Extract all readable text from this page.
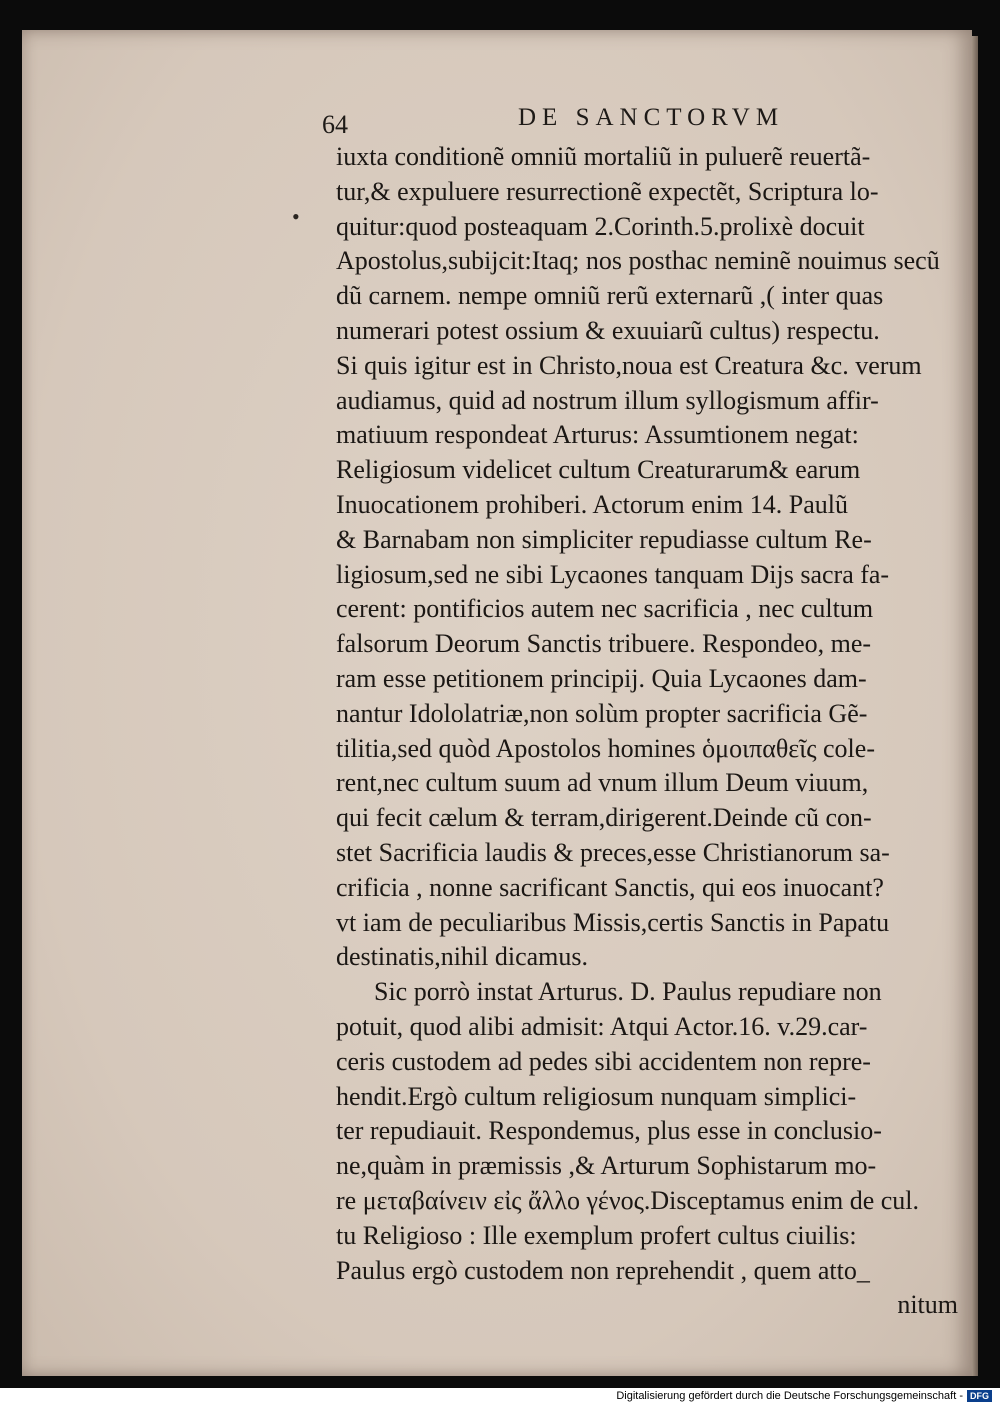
•
64	DE SANCTORVM
iuxta conditionẽ omniũ mortaliũ in puluerẽ reuertã-
tur,& expuluere resurrectionẽ expectẽt, Scriptura lo-
quitur:quod posteaquam 2.Corinth.5.prolixè docuit
Apostolus,subijcit:Itaq; nos posthac neminẽ nouimus secũ
dũ carnem. nempe omniũ rerũ externarũ ,( inter quas
numerari potest ossium & exuuiarũ cultus) respectu.
Si quis igitur est in Christo,noua est Creatura &c. verum
audiamus, quid ad nostrum illum syllogismum affir-
matiuum respondeat Arturus: Assumtionem negat:
Religiosum videlicet cultum Creaturarum& earum
Inuocationem prohiberi. Actorum enim 14. Paulũ
& Barnabam non simpliciter repudiasse cultum Re-
ligiosum,sed ne sibi Lycaones tanquam Dijs sacra fa-
cerent: pontificios autem nec sacrificia , nec cultum
falsorum Deorum Sanctis tribuere. Respondeo, me-
ram esse petitionem principij. Quia Lycaones dam-
nantur Idololatriæ,non solùm propter sacrificia Gẽ-
tilitia,sed quòd Apostolos homines ὁμοιπαθεῖς cole-
rent,nec cultum suum ad vnum illum Deum viuum,
qui fecit cælum & terram,dirigerent.Deinde cũ con-
stet Sacrificia laudis & preces,esse Christianorum sa-
crificia , nonne sacrificant Sanctis, qui eos inuocant?
vt iam de peculiaribus Missis,certis Sanctis in Papatu
destinatis,nihil dicamus.
Sic porrò instat Arturus. D. Paulus repudiare non
potuit, quod alibi admisit: Atqui Actor.16. v.29.car-
ceris custodem ad pedes sibi accidentem non repre-
hendit.Ergò cultum religiosum nunquam simplici-
ter repudiauit. Respondemus, plus esse in conclusio-
ne,quàm in præmissis ,& Arturum Sophistarum mo-
re μεταβαίνειν εἰς ἄλλο γένος.Disceptamus enim de cul.
tu Religioso : Ille exemplum profert cultus ciuilis:
Paulus ergò custodem non reprehendit , quem atto_
nitum
Digitalisierung gefördert durch die Deutsche Forschungsgemeinschaft - DFG
